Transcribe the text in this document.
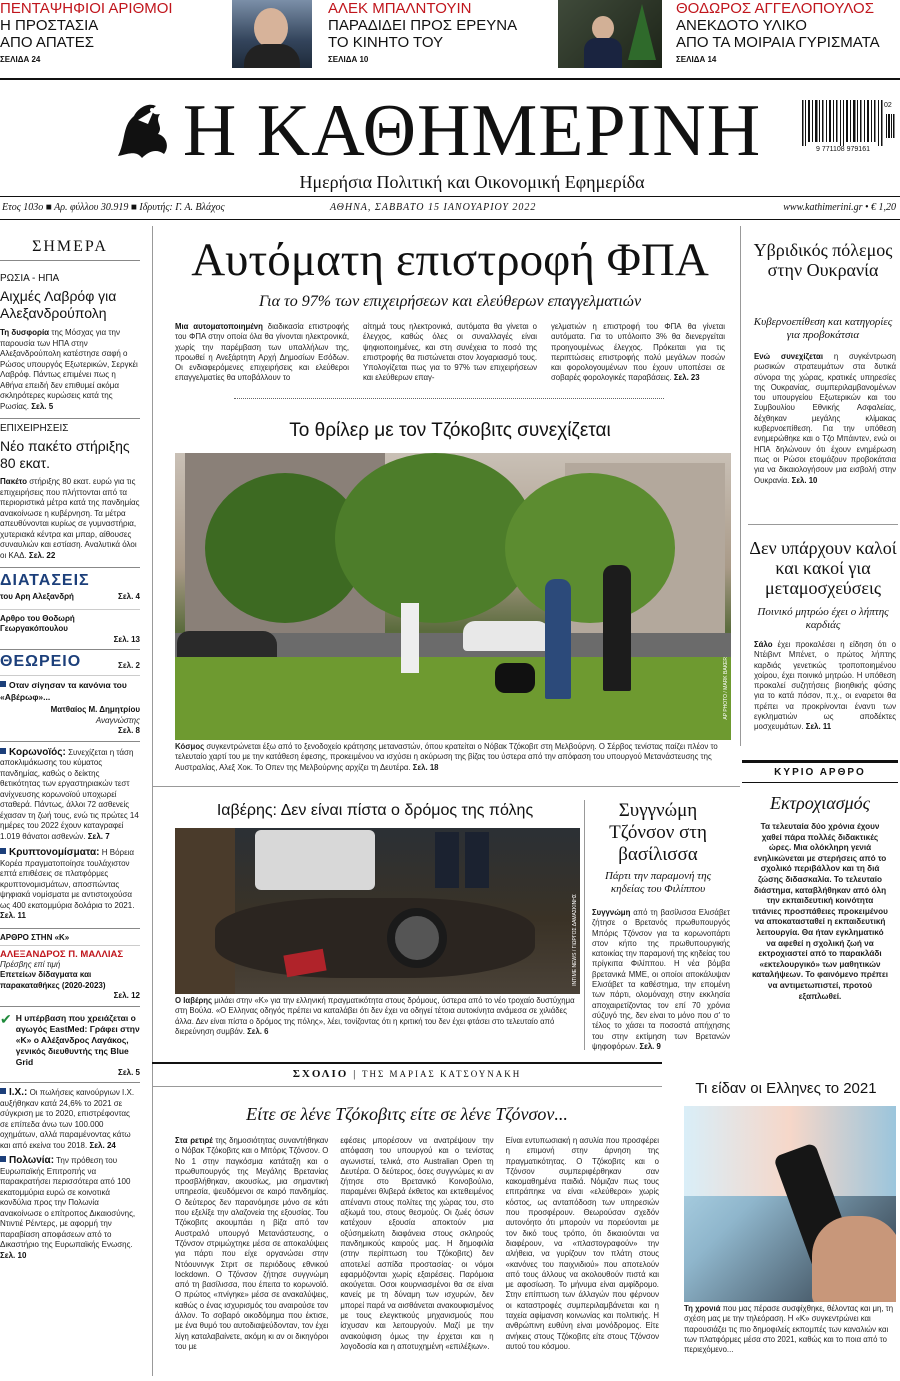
ΠΕΝΤΑΨΗΦΙΟΙ ΑΡΙΘΜΟΙ
Η ΠΡΟΣΤΑΣΙΑ
ΑΠΟ ΑΠΑΤΕΣ
ΣΕΛΙΔΑ 24
ΑΛΕΚ ΜΠΑΛΝΤΟΥΙΝ
ΠΑΡΑΔΙΔΕΙ ΠΡΟΣ ΕΡΕΥΝΑ
ΤΟ ΚΙΝΗΤΟ ΤΟΥ
ΣΕΛΙΔΑ 10
ΘΟΔΩΡΟΣ ΑΓΓΕΛΟΠΟΥΛΟΣ
ΑΝΕΚΔΟΤΟ ΥΛΙΚΟ
ΑΠΟ ΤΑ ΜΟΙΡΑΙΑ ΓΥΡΙΣΜΑΤΑ
ΣΕΛΙΔΑ 14
Η ΚΑΘΗΜΕΡΙΝΗ
Ημερήσια Πολιτική και Οικονομική Εφημερίδα
9 771108 979161
02
Ετος 103ο ■ Αρ. φύλλου 30.919 ■ Ιδρυτής: Γ. Α. Βλάχος	ΑΘΗΝΑ, ΣΑΒΒΑΤΟ 15 ΙΑΝΟΥΑΡΙΟΥ 2022	www.kathimerini.gr • € 1,20
ΣΗΜΕΡΑ
ΡΩΣΙΑ - ΗΠΑ
Αιχμές Λαβρόφ για Αλεξανδρούπολη
Τη δυσφορία της Μόσχας για την παρουσία των ΗΠΑ στην Αλεξανδρούπολη κατέστησε σαφή ο Ρώσος υπουργός Εξωτερικών, Σεργκέι Λαβρόφ. Πάντως επιμένει πως η Αθήνα επειδή δεν επιθυμεί ακόμα σκληρότερες κυρώσεις κατά της Ρωσίας. Σελ. 5
ΕΠΙΧΕΙΡΗΣΕΙΣ
Νέο πακέτο στήριξης 80 εκατ.
Πακέτο στήριξης 80 εκατ. ευρώ για τις επιχειρήσεις που πλήττονται από τα περιοριστικά μέτρα κατά της πανδημίας ανακοίνωσε η κυβέρνηση. Τα μέτρα απευθύνονται κυρίως σε γυμναστήρια, χυτεριακά κέντρα και μπαρ, αίθουσες συναυλιών και εστίαση. Αναλυτικά όλοι οι ΚΑΔ. Σελ. 22
ΔΙΑΤΑΣΕΙΣ
του Αρη Αλεξανδρή	Σελ. 4
Αρθρο του Θοδωρή Γεωργακόπουλου
Σελ. 13
ΘΕΩΡΕΙΟ	Σελ. 2
Οταν σίγησαν τα κανόνια του «Αβέρωφ»...
Ματθαίος Μ. Δημητρίου
Αναγνώστης
Σελ. 8
Κορωνοϊός: Συνεχίζεται η τάση αποκλιμάκωσης του κύματος πανδημίας, καθώς ο δείκτης θετικότητας των εργαστηριακών τεστ ανίχνευσης κορωνοϊού υποχωρεί σταθερά. Πάντως, άλλοι 72 ασθενείς έχασαν τη ζωή τους, ενώ τις πρώτες 14 ημέρες του 2022 έχουν καταγραφεί 1.019 θάνατοι ασθενών. Σελ. 7
Κρυπτονομίσματα: Η Βόρεια Κορέα πραγματοποίησε τουλάχιστον επτά επιθέσεις σε πλατφόρμες κρυπτονομισμάτων, αποσπώντας ψηφιακά νομίσματα με αντιστοιχούσα ως 400 εκατομμύρια δολάρια το 2021. Σελ. 11
ΑΡΘΡΟ ΣΤΗΝ «Κ»
ΑΛΕΞΑΝΔΡΟΣ Π. ΜΑΛΛΙΑΣ
Πρέσβης επί τιμή
Επετείων δίδαγματα και παρακαταθήκες (2020-2023)
Σελ. 12
✔ Η υπέρβαση που χρειάζεται ο αγωγός EastMed: Γράφει στην «Κ» ο Αλέξανδρος Λαγάκος, γενικός διευθυντής της Blue Grid
Σελ. 5
Ι.Χ.: Οι πωλήσεις καινούργιων Ι.Χ. αυξήθηκαν κατά 24,6% το 2021 σε σύγκριση με το 2020, επιστρέφοντας σε επίπεδα άνω των 100.000 οχημάτων, αλλά παραμένοντας κάτω και από εκείνα του 2018. Σελ. 24
Πολωνία: Την πρόθεση του Ευρωπαϊκής Επιτροπής να παρακρατήσει περισσότερα από 100 εκατομμύρια ευρώ σε κοινοτικά κονδύλια προς την Πολωνία ανακοίνωσε ο επίτροπος Δικαιοσύνης, Ντιντιέ Ρέιντερς, με αφορμή την παραβίαση αποφάσεων από το Δικαστήριο της Ευρωπαϊκής Ενωσης. Σελ. 10
Αυτόματη επιστροφή ΦΠΑ
Για το 97% των επιχειρήσεων και ελεύθερων επαγγελματιών
Μια αυτοματοποιημένη διαδικασία επιστροφής του ΦΠΑ στην οποία όλα θα γίνονται ηλεκτρονικά, χωρίς την παρέμβαση των υπαλλήλων της, προωθεί η Ανεξάρτητη Αρχή Δημοσίων Εσόδων. Οι ενδιαφερόμενες επιχειρήσεις και ελεύθεροι επαγγελματίες θα υποβάλλουν το
αίτημά τους ηλεκτρονικά, αυτόματα θα γίνεται ο έλεγχος, καθώς όλες οι συναλλαγές είναι ψηφιοποιημένες, και στη συνέχεια το ποσό της επιστροφής θα πιστώνεται στον λογαριασμό τους. Υπολογίζεται πως για το 97% των επιχειρήσεων και ελεύθερων επαγ-
γελματιών η επιστροφή του ΦΠΑ θα γίνεται αυτόματα. Για το υπόλοιπο 3% θα διενεργείται προηγουμένως έλεγχος. Πρόκειται για τις περιπτώσεις επιστροφής πολύ μεγάλων ποσών και φορολογουμένων που έχουν υποπέσει σε σοβαρές φορολογικές παραβάσεις. Σελ. 23
Το θρίλερ με τον Τζόκοβιτς συνεχίζεται
AP PHOTO / MARK BAKER
Κόσμος συγκεντρώνεται έξω από το ξενοδοχείο κράτησης μεταναστών, όπου κρατείται ο Νόβακ Τζόκοβιτ στη Μελβούρνη. Ο Σέρβος τενίστας παίζει πλέον το τελευταίο χαρτί του με την κατάθεση έφεσης, προκειμένου να ισχύσει η ακύρωση της βίζας του ύστερα από την απόφαση του υπουργού Μετανάστευσης της Αυστραλίας, Αλεξ Χοκ. Το Οπεν της Μελβούρνης αρχίζει τη Δευτέρα. Σελ. 18
Ιαβέρης: Δεν είναι πίστα ο δρόμος της πόλης
INTIME NEWS / ΓΙΩΡΓΟΣ ΔΑΜΑΣΚΙΝΗΣ
Ο Ιαβέρης μιλάει στην «Κ» για την ελληνική πραγματικότητα στους δρόμους, ύστερα από το νέο τροχαίο δυστύχημα στη Βούλα. «Ο Ελληνας οδηγός πρέπει να καταλάβει ότι δεν έχει να οδηγεί τέτοια αυτοκίνητα ανάμεσα σε χιλιάδες άλλα. Δεν είναι πίστα ο δρόμος της πόλης», λέει, τονίζοντας ότι η κριτική του δεν έχει φτάσει στο τελευταίο από διερεύνηση συμβάν. Σελ. 6
Συγγνώμη Τζόνσον στη βασίλισσα
Πάρτι την παραμονή της κηδείας του Φιλίππου
Συγγνώμη από τη βασίλισσα Ελισάβετ ζήτησε ο Βρετανός πρωθυπουργός Μπόρις Τζόνσον για τα κορωνοπάρτι στον κήπο της πρωθυπουργικής κατοικίας την παραμονή της κηδείας του πρίγκιπα Φιλίππου. Η νέα βόμβα βρετανικά ΜΜΕ, οι οποίοι αποκάλυψαν Ελισάβετ τα καθέστημα, την επομένη των πάρτι, ολομόναχη στην εκκλησία αποχαιρετίζοντας τον επί 70 χρόνια σύζυγό της, δεν είναι το μόνο που σ' το τέλος το χάσει τα ποσοστά απήχησης του στην εκτίμηση των Βρετανών ψηφοφόρων. Σελ. 9
ΣΧΟΛΙΟ | ΤΗΣ ΜΑΡΙΑΣ ΚΑΤΣΟΥΝΑΚΗ
Είτε σε λένε Τζόκοβιτς είτε σε λένε Τζόνσον...
Στα ρετιρέ της δημοσιότητας συναντήθηκαν ο Νόβακ Τζόκοβιτς και ο Μπόρις Τζόνσον. Ο Νο 1 στην παγκόσμια κατάταξη και ο πρωθυπουργός της Μεγάλης Βρετανίας προσβλήθηκαν, ακουσίως, μια σημαντική υπηρεσία, ψευδόμενοι σε καιρό πανδημίας. Ο δεύτερος δεν παρανόμησε μόνο σε κάτι που εξελίξε την αλαζονεία της εξουσίας. Του Τζόκοβιτς ακουμπάει η βίζα από τον Αυστραλό υπουργό Μετανάστευσης, ο Τζόνσον στριμώχτηκε μέσα σε αποκαλύψεις για πάρτι που είχε οργανώσει στην Ντόουνινγκ Στριτ σε περιόδους εθνικού lockdown. Ο Τζόνσον ζήτησε συγγνώμη από τη βασίλισσα, που έπειτα το κορωνοϊό. Ο πρώτος «πνίγηκε» μέσα σε ανακαλύψεις, καθώς ο ένας ισχυρισμός του αναιρούσε τον άλλον. Το σοβαρό οικοδόμημα που έκτισε, με ένα θυμό του αυτοδιαψεύδονταν, τον έχει λίγη καταλαβαίνετε, ακόμη κι αν οι δικηγόροι του με
εφέσεις μπορέσουν να ανατρέψουν την απόφαση του υπουργού και ο τενίστας αγωνιστεί, τελικά, στο Australian Open τη Δευτέρα. Ο δεύτερος, όσες συγγνώμες κι αν ζήτησε στο Βρετανικό Κοινοβούλιο, παραμένει θλιβερά έκθετος και εκτεθειμένος απέναντι στους πολίτες της χώρας του, στο αξίωμά του, στους θεσμούς. Οι ζωές όσων κατέχουν εξουσία αποκτούν μια οξύσημείωτη διαφάνεια στους σκληρούς πανδημικούς καιρούς μας. Η δημοφιλία (στην περίπτωση του Τζόκοβιτς) δεν αποτελεί ασπίδα προστασίας· οι νόμοι εφαρμόζονται χωρίς εξαιρέσεις. Παρόμοια ακούγεται. Οσοι κουρνιασμένοι θα σε είναι κανείς με τη δύναμη των ισχυρών, δεν μπορεί παρά να αισθάνεται ανακουφισμένος με τους ελεγκτικούς μηχανισμούς που ίσχυσαν και λειτουργούν. Μαζί με την ανακούφιση όμως την έρχεται και η λογοδοσία και η αποτυχημένη «επιλέξιων».
Είναι εντυπωσιακή η ασυλία που προσφέρει η επιμονή στην άρνηση της πραγματικότητας. Ο Τζόκοβιτς και ο Τζόνσον συμπεριφέρθηκαν σαν κακομαθημένα παιδιά. Νόμιζαν πως τους επιτράπηκε να είναι «ελεύθεροι» χωρίς κόστος, ως ανταπόδοση των υπηρεσιών που προσφέρουν. Θεωρούσαν σχεδόν αυτονόητο ότι μπορούν να πορεύονται με τον δικό τους τρόπο, ότι δικαιούνται να διαφέρουν, να «πλαστογραφούν» την αλήθεια, να γυρίζουν τον πλάτη στους «κανόνες του παιχνιδιού» που αποτελούν από τους άλλους να ακολουθούν πιστά και με αφοσίωση. Το μήνυμα είναι αμφίδρομο. Στην επίπτωση των άλλαγών που φέρνουν οι καταστροφές συμπεριλαμβάνεται και η ταχεία αφίμανση κοινωνίας και πολιτικής. Η ανθρώπινη ευθύνη είναι μονόδρομος. Είτε ανήκεις στους Τζόκοβιτς είτε στους Τζόνσον αυτού του κόσμου.
Υβριδικός πόλεμος στην Ουκρανία
Κυβερνοεπίθεση και κατηγορίες για προβοκάτσια
Ενώ συνεχίζεται η συγκέντρωση ρωσικών στρατευμάτων στα δυτικά σύνορα της χώρας, κρατικές υπηρεσίες της Ουκρανίας, συμπεριλαμβανομένων του υπουργείου Εξωτερικών και του Συμβουλίου Εθνικής Ασφαλείας, δέχθηκαν μεγάλης κλίμακας κυβερνοεπίθεση. Για την υπόθεση ενημερώθηκε και ο Τζο Μπάιντεν, ενώ οι ΗΠΑ δηλώνουν ότι έχουν ενημέρωση πως οι Ρώσοι ετοιμάζουν προβοκάτσια για να δικαιολογήσουν μια εισβολή στην Ουκρανία. Σελ. 10
Δεν υπάρχουν καλοί και κακοί για μεταμοσχεύσεις
Ποινικό μητρώο έχει ο λήπτης καρδιάς
Σάλο έχει προκαλέσει η είδηση ότι ο Ντέιβιντ Μπένετ, ο πρώτος λήπτης καρδιάς γενετικώς τροποποιημένου χοίρου, έχει ποινικό μητρώο. Η υπόθεση προκαλεί συζητήσεις βιοηθικής φύσης για το κατά πόσον, π.χ., οι εναρετοι θα πρέπει να προκρίνονται έναντι των εγκληματιών ως αποδέκτες μοσχευμάτων. Σελ. 11
ΚΥΡΙΟ ΑΡΘΡΟ
Εκτροχιασμός
Τα τελευταία δύο χρόνια έχουν χαθεί πάρα πολλές διδακτικές ώρες. Μια ολόκληρη γενιά ενηλικώνεται με στερήσεις από το σχολικό περιβάλλον και τη διά ζώσης διδασκαλία. Το τελευταίο διάστημα, καταβλήθηκαν από όλη την εκπαιδευτική κοινότητα τιτάνιες προσπάθειες προκειμένου να αποκατασταθεί η εκπαιδευτική λειτουργία. Θα ήταν εγκληματικό να αφεθεί η σχολική ζωή να εκτροχιαστεί από το παρακλάδι «εκτελουργικό» των μαθητικών καταλήψεων. Το φαινόμενο πρέπει να αντιμετωπιστεί, προτού εξαπλωθεί.
Τι είδαν οι Ελληνες το 2021
Τη χρονιά που μας πέρασε συσφίχθηκε, θέλοντας και μη, τη σχέση μας με την τηλεόραση. Η «Κ» συγκεντρώνει και παρουσιάζει τις πιο δημοφιλείς εκπομπές των καναλιών και των πλατφόρμες μέσα στο 2021, καθώς και το ποια από το περιεχόμενο...
